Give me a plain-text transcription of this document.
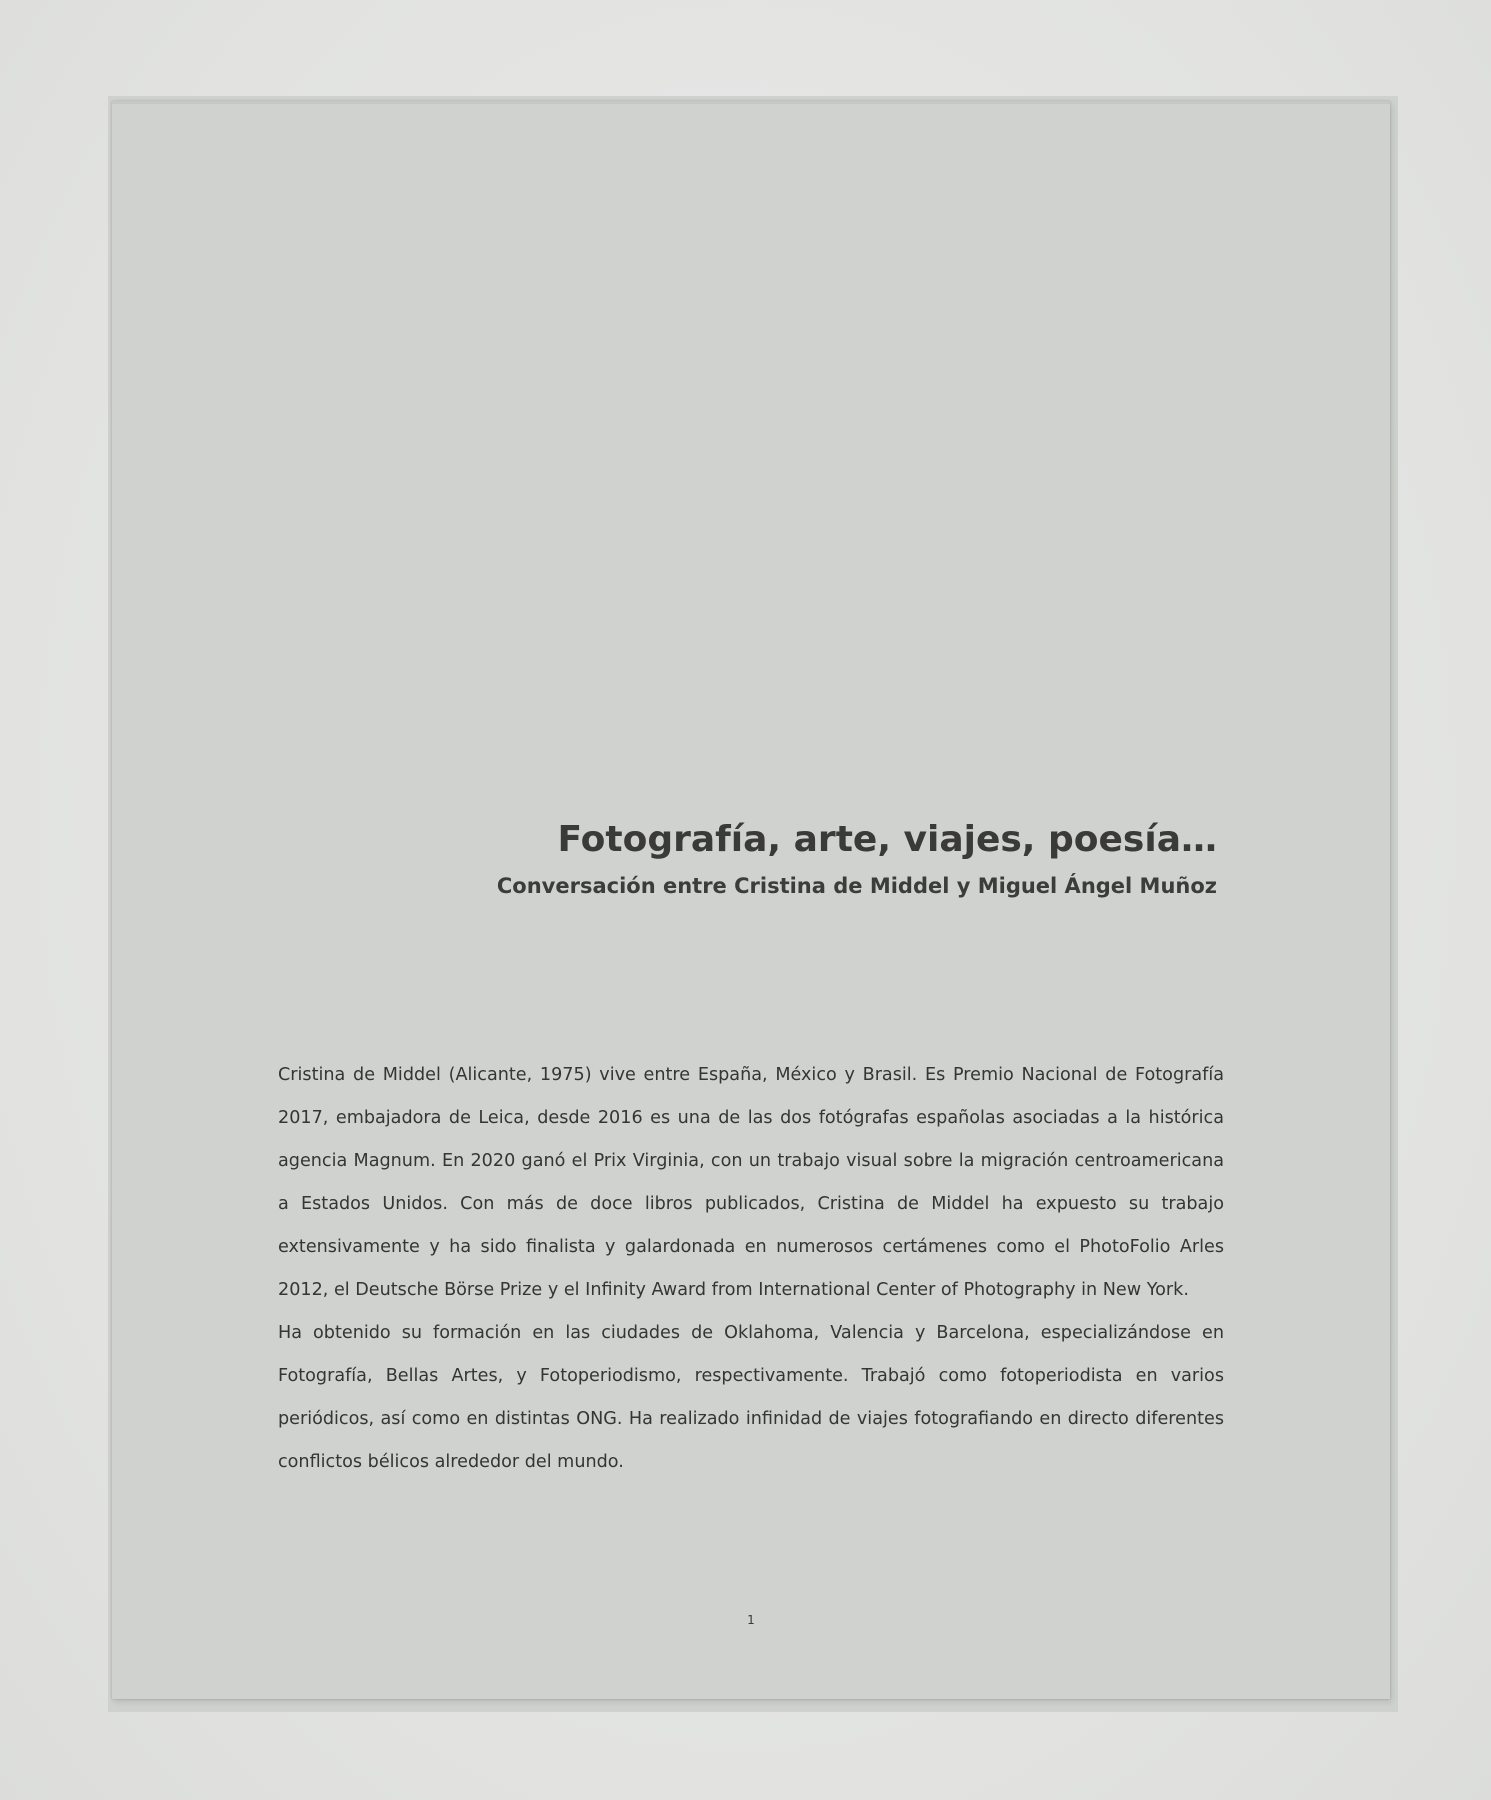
Fotografía, arte, viajes, poesía…
Conversación entre Cristina de Middel y Miguel Ángel Muñoz

Cristina de Middel (Alicante, 1975) vive entre España, México y Brasil. Es Premio Nacional de Fotografía 2017, embajadora de Leica, desde 2016 es una de las dos fotógrafas españolas asociadas a la histórica agencia Magnum. En 2020 ganó el Prix Virginia, con un trabajo visual sobre la migración centroamericana a Estados Unidos. Con más de doce libros publicados, Cristina de Middel ha expuesto su trabajo extensivamente y ha sido finalista y galardonada en numerosos certámenes como el PhotoFolio Arles 2012, el Deutsche Börse Prize y el Infinity Award from International Center of Photography in New York.

Ha obtenido su formación en las ciudades de Oklahoma, Valencia y Barcelona, especializándose en Fotografía, Bellas Artes, y Fotoperiodismo, respectivamente. Trabajó como fotoperiodista en varios periódicos, así como en distintas ONG. Ha realizado infinidad de viajes fotografiando en directo diferentes conflictos bélicos alrededor del mundo.

1
